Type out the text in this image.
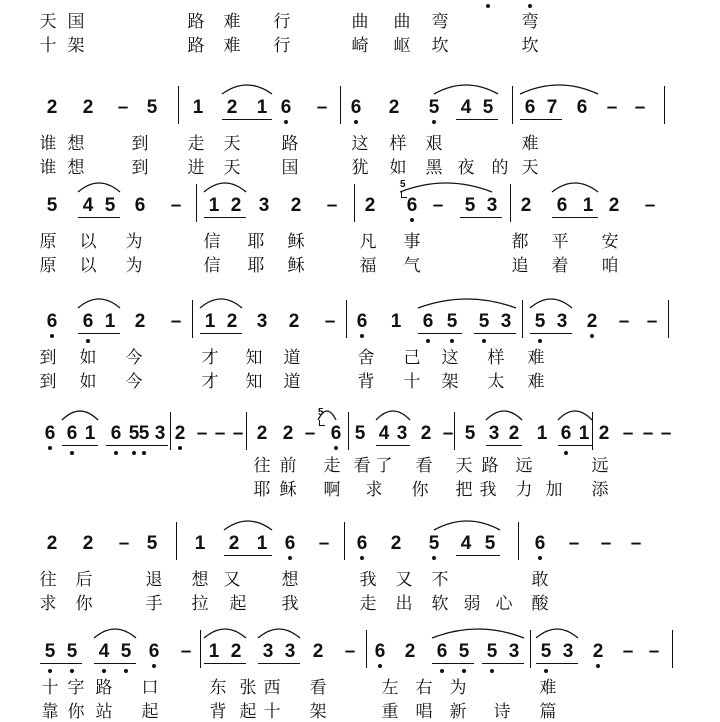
天 国	路 难 行	曲 曲 弯	弯
十 架	路 难 行	崎 岖 坎	坎
2 2 – 5 1 2 1 6 – 6 2 5 4 5 6 7 6 – –
谁 想	到 走 天 路	这 样 艰	难
谁 想	到 进 天 国	犹 如 黑 夜 的 天
5 4 5 6 – 1 2 3 2 – 2 6 – 5 3 2 6 1 2 –
5
原 以 为	信 耶 稣	凡 事	都 平 安
原 以 为	信 耶 稣	福 气	追 着 咱
6 6 1 2 – 1 2 3 2 – 6 1 6 5 5 3 5 3 2 – –
到 如 今	才 知 道	舍 己 这 样 难
到 如 今	才 知 道	背 十 架 太 难
6 6 1 6 5 5 3 2 – – – 2 2 – 6 5 4 3 2 – 5 3 2 1 6 1 2 – – –
5
往 前 走 看 了 看 天 路 远	远
耶 稣 啊 求 你 把 我 力 加 添
2 2 – 5 1 2 1 6 – 6 2 5 4 5 6 – – –
往 后	退 想 又 想	我 又 不	敢
求 你	手 拉 起 我	走 出 软 弱 心 酸
5 5 4 5 6 – 1 2 3 3 2 – 6 2 6 5 5 3 5 3 2 – –
十 字 路 口	东 张 西 看	左 右 为	难
靠 你 站 起	背 起 十 架	重 唱 新 诗 篇
